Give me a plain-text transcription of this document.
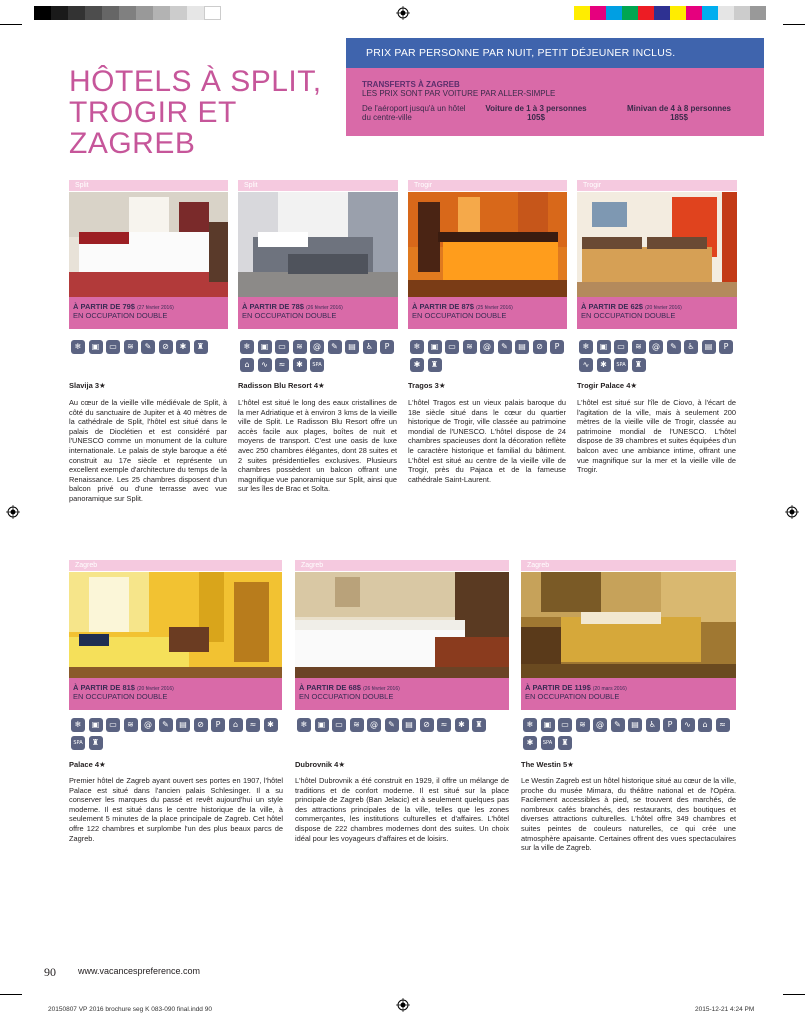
HÔTELS À SPLIT, TROGIR ET ZAGREB
PRIX PAR PERSONNE PAR NUIT, PETIT DÉJEUNER INCLUS.
TRANSFERTS À ZAGREB
LES PRIX SONT PAR VOITURE PAR ALLER-SIMPLE
De l'aéroport jusqu'à un hôtel du centre-ville
Voiture de 1 à 3 personnes
105$
Minivan de 4 à 8 personnes
185$
Split
À PARTIR DE 79$ (27 février 2016)
EN OCCUPATION DOUBLE
❄	▣	▭	≋	✎	⊘	✱	♜
Slavija 3★
Au cœur de la vieille ville médiévale de Split, à côté du sanctuaire de Jupiter et à 40 mètres de la cathédrale de Split, l'hôtel est situé dans le palais de Dioclétien et est considéré par l'UNESCO comme un monument de la culture internationale. Le palais de style baroque a été construit au 17e siècle et représente un excellent exemple d'architecture du temps de la Renaissance. Les 25 chambres disposent d'un balcon privé ou d'une terrasse avec vue panoramique sur Split.
Split
À PARTIR DE 78$ (26 février 2016)
EN OCCUPATION DOUBLE
❄	▣	▭	≋	@	✎	▤	♿	P
⌂	∿	≈	✱	SPA
Radisson Blu Resort 4★
L'hôtel est situé le long des eaux cristallines de la mer Adriatique et à environ 3 kms de la vieille ville de Split. Le Radisson Blu Resort offre un accès facile aux plages, boîtes de nuit et moyens de transport. C'est une oasis de luxe avec 250 chambres élégantes, dont 28 suites et 2 suites présidentielles exclusives. Plusieurs chambres possèdent un balcon offrant une magnifique vue panoramique sur Split, ainsi que sur les îles de Brac et Solta.
Trogir
À PARTIR DE 87$ (25 février 2016)
EN OCCUPATION DOUBLE
❄	▣	▭	≋	@	✎	▤	⊘	P
✱	♜
Tragos 3★
L'hôtel Tragos est un vieux palais baroque du 18e siècle situé dans le cœur du quartier historique de Trogir, ville classée au patrimoine mondial de l'UNESCO. L'hôtel dispose de 24 chambres spacieuses dont la décoration reflète le caractère historique et familial du bâtiment. L'hôtel est situé au centre de la vieille ville de Trogir, près du Pajaca et de la fameuse cathédrale Saint-Laurent.
Trogir
À PARTIR DE 62$ (20 février 2016)
EN OCCUPATION DOUBLE
❄	▣	▭	≋	@	✎	♿	▤	P
∿	✱	SPA	♜
Trogir Palace 4★
L'hôtel est situé sur l'île de Ciovo, à l'écart de l'agitation de la ville, mais à seulement 200 mètres de la vieille ville de Trogir, classée au patrimoine mondial de l'UNESCO. L'hôtel dispose de 39 chambres et suites équipées d'un balcon avec une ambiance intime, offrant une vue magnifique sur la mer et la vieille ville de Trogir.
Zagreb
À PARTIR DE 81$ (20 février 2016)
EN OCCUPATION DOUBLE
❄	▣	▭	≋	@	✎	▤	⊘	P	⌂	≈	✱
SPA	♜
Palace 4★
Premier hôtel de Zagreb ayant ouvert ses portes en 1907, l'hôtel Palace est situé dans l'ancien palais Schlesinger. Il a su conserver les marques du passé et revêt aujourd'hui un style moderne. Il est situé dans le centre historique de la ville, à seulement 5 minutes de la place principale de Zagreb. Cet hôtel offre 122 chambres et surplombe l'un des plus beaux parcs de Zagreb.
Zagreb
À PARTIR DE 68$ (26 février 2016)
EN OCCUPATION DOUBLE
❄	▣	▭	≋	@	✎	▤	⊘	≈	✱	♜
Dubrovnik 4★
L'hôtel Dubrovnik a été construit en 1929, il offre un mélange de traditions et de confort moderne. Il est situé sur la place principale de Zagreb (Ban Jelacic) et à seulement quelques pas des attractions principales de la ville, telles que les zones commerçantes, les institutions culturelles et d'affaires. L'hôtel dispose de 222 chambres modernes dont des suites. Un choix idéal pour les voyageurs d'affaires et de loisirs.
Zagreb
À PARTIR DE 119$ (20 mars 2016)
EN OCCUPATION DOUBLE
❄	▣	▭	≋	@	✎	▤	♿	P	∿	⌂	≈
✱	SPA	♜
The Westin 5★
Le Westin Zagreb est un hôtel historique situé au cœur de la ville, proche du musée Mimara, du théâtre national et de l'Opéra. Facilement accessibles à pied, se trouvent des marchés, de nombreux cafés branchés, des restaurants, des boutiques et diverses attractions culturelles. L'hôtel offre 349 chambres et suites peintes de couleurs naturelles, ce qui crée une atmosphère apaisante. Certaines offrent des vues spectaculaires sur la ville de Zagreb.
90 www.vacancespreference.com
20150807 VP 2016 brochure seg K 083-090 final.indd 90	2015-12-21 4:24 PM
